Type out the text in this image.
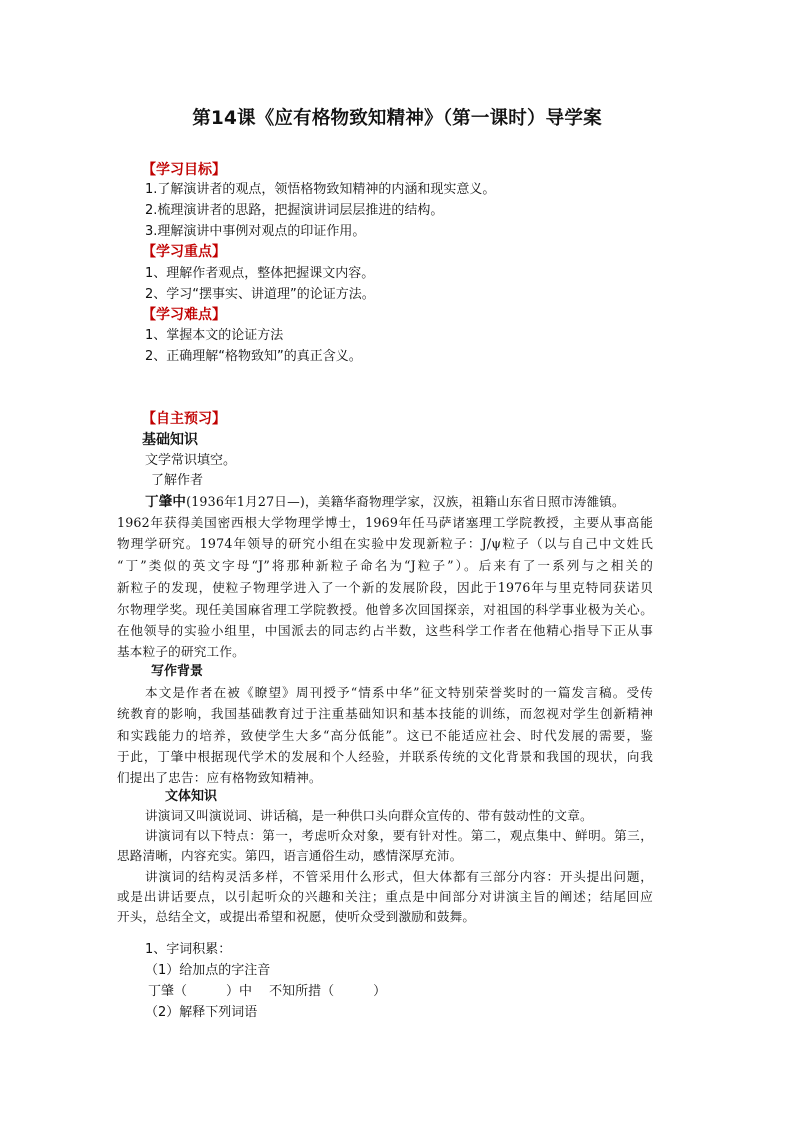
第14课《应有格物致知精神》（第一课时）导学案
【学习目标】
1.了解演讲者的观点，领悟格物致知精神的内涵和现实意义。
2.梳理演讲者的思路，把握演讲词层层推进的结构。
3.理解演讲中事例对观点的印证作用。
【学习重点】
1、理解作者观点，整体把握课文内容。
2、学习“摆事实、讲道理”的论证方法。
【学习难点】
1、掌握本文的论证方法
2、正确理解“格物致知”的真正含义。
【自主预习】
基础知识
文学常识填空。
了解作者
丁肇中(1936年1月27日—)，美籍华裔物理学家，汉族，祖籍山东省日照市涛雒镇。
1962年获得美国密西根大学物理学博士，1969年任马萨诸塞理工学院教授，主要从事高能
物理学研究。1974年领导的研究小组在实验中发现新粒子：J/ψ粒子（以与自己中文姓氏
“丁”类似的英文字母“J”将那种新粒子命名为“J粒子”）。后来有了一系列与之相关的
新粒子的发现，使粒子物理学进入了一个新的发展阶段，因此于1976年与里克特同获诺贝
尔物理学奖。现任美国麻省理工学院教授。他曾多次回国探亲，对祖国的科学事业极为关心。
在他领导的实验小组里，中国派去的同志约占半数，这些科学工作者在他精心指导下正从事
基本粒子的研究工作。
写作背景
本文是作者在被《瞭望》周刊授予“情系中华”征文特别荣誉奖时的一篇发言稿。受传
统教育的影响，我国基础教育过于注重基础知识和基本技能的训练，而忽视对学生创新精神
和实践能力的培养，致使学生大多“高分低能”。这已不能适应社会、时代发展的需要，鉴
于此，丁肇中根据现代学术的发展和个人经验，并联系传统的文化背景和我国的现状，向我
们提出了忠告：应有格物致知精神。
文体知识
讲演词又叫演说词、讲话稿，是一种供口头向群众宣传的、带有鼓动性的文章。
讲演词有以下特点：第一，考虑听众对象，要有针对性。第二，观点集中、鲜明。第三，
思路清晰，内容充实。第四，语言通俗生动，感情深厚充沛。
讲演词的结构灵活多样，不管采用什么形式，但大体都有三部分内容：开头提出问题，
或是出讲话要点，以引起听众的兴趣和关注；重点是中间部分对讲演主旨的阐述；结尾回应
开头，总结全文，或提出希望和祝愿，使听众受到激励和鼓舞。
1、字词积累：
（1）给加点的字注音
丁肇（　　　）中　 不知所措（　　　）
（2）解释下列词语
